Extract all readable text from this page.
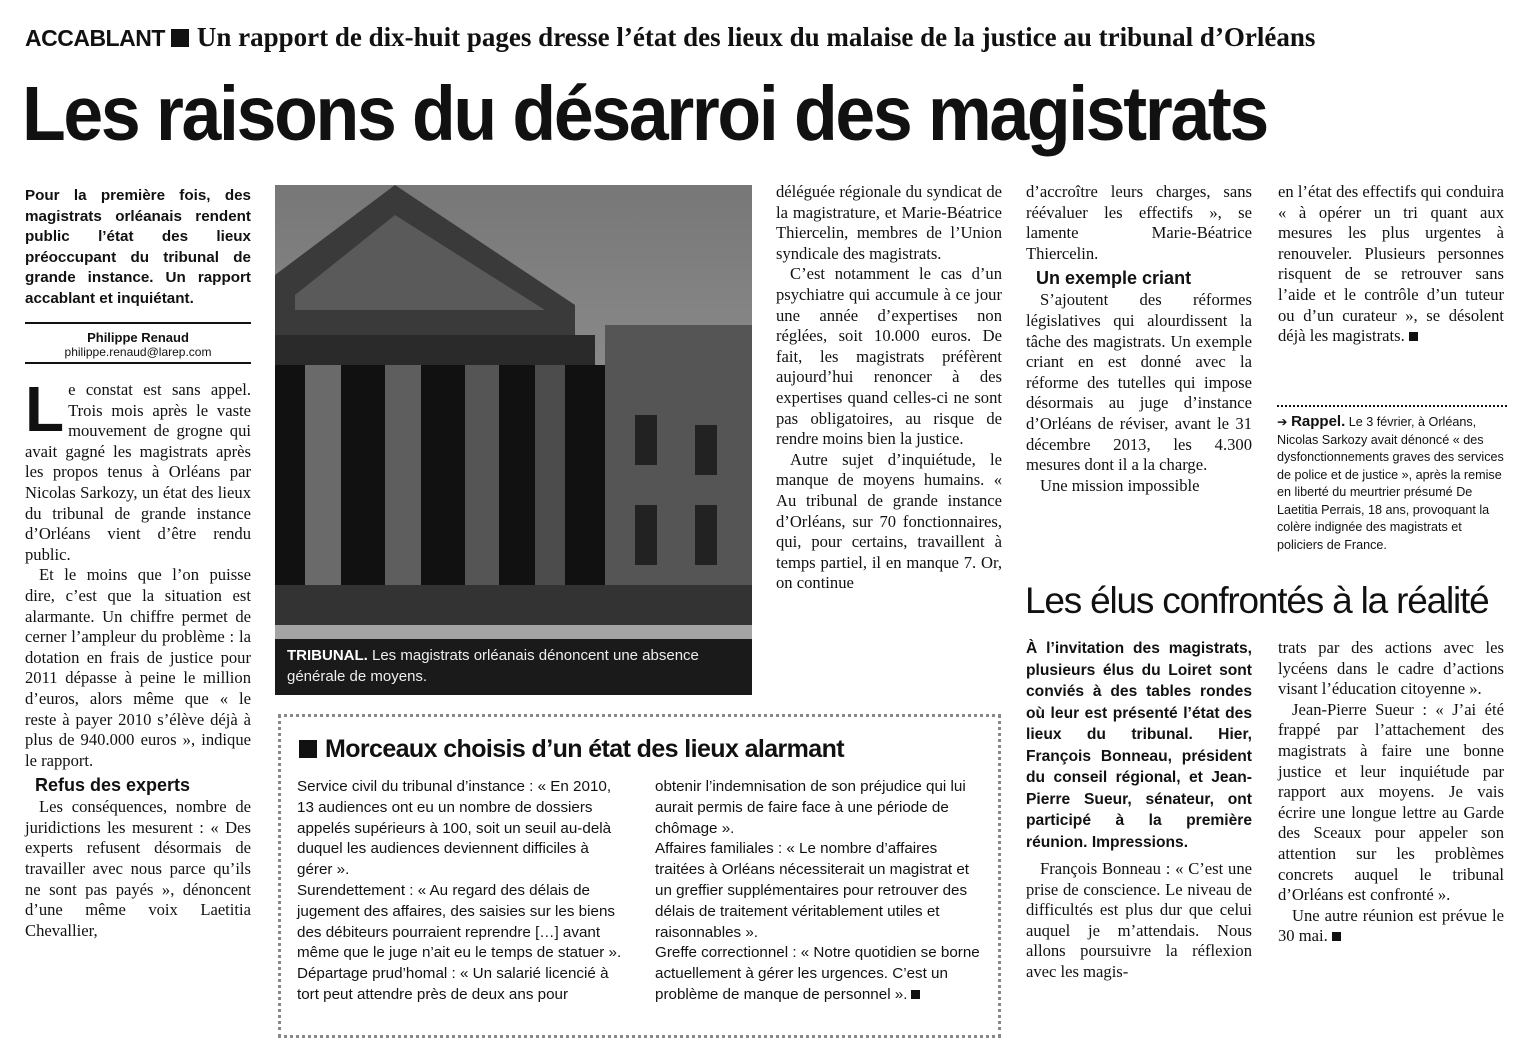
ACCABLANT Un rapport de dix-huit pages dresse l’état des lieux du malaise de la justice au tribunal d’Orléans
Les raisons du désarroi des magistrats
Pour la première fois, des magistrats orléanais rendent public l’état des lieux préoccupant du tribunal de grande instance. Un rapport accablant et inquiétant.
Philippe Renaud
philippe.renaud@larep.com

Le constat est sans appel. Trois mois après le vaste mouvement de grogne qui avait gagné les magistrats après les propos tenus à Orléans par Nicolas Sarkozy, un état des lieux du tribunal de grande instance d’Orléans vient d’être rendu public.

Et le moins que l’on puisse dire, c’est que la situation est alarmante. Un chiffre permet de cerner l’ampleur du problème : la dotation en frais de justice pour 2011 dépasse à peine le million d’euros, alors même que « le reste à payer 2010 s’élève déjà à plus de 940.000 euros », indique le rapport.

Refus des experts

Les conséquences, nombre de juridictions les mesurent : « Des experts refusent désormais de travailler avec nous parce qu’ils ne sont pas payés », dénoncent d’une même voix Laetitia Chevallier,

TRIBUNAL. Les magistrats orléanais dénoncent une absence générale de moyens.

déléguée régionale du syndicat de la magistrature, et Marie-Béatrice Thiercelin, membres de l’Union syndicale des magistrats.

C’est notamment le cas d’un psychiatre qui accumule à ce jour une année d’expertises non réglées, soit 10.000 euros. De fait, les magistrats préfèrent aujourd’hui renoncer à des expertises quand celles-ci ne sont pas obligatoires, au risque de rendre moins bien la justice.

Autre sujet d’inquiétude, le manque de moyens humains. « Au tribunal de grande instance d’Orléans, sur 70 fonctionnaires, qui, pour certains, travaillent à temps partiel, il en manque 7. Or, on continue

d’accroître leurs charges, sans réévaluer les effectifs », se lamente Marie-Béatrice Thiercelin.

Un exemple criant

S’ajoutent des réformes législatives qui alourdissent la tâche des magistrats. Un exemple criant en est donné avec la réforme des tutelles qui impose désormais au juge d’instance d’Orléans de réviser, avant le 31 décembre 2013, les 4.300 mesures dont il a la charge.

Une mission impossible

en l’état des effectifs qui conduira « à opérer un tri quant aux mesures les plus urgentes à renouveler. Plusieurs personnes risquent de se retrouver sans l’aide et le contrôle d’un tuteur ou d’un curateur », se désolent déjà les magistrats.

➔ Rappel. Le 3 février, à Orléans, Nicolas Sarkozy avait dénoncé « des dysfonctionnements graves des services de police et de justice », après la remise en liberté du meurtrier présumé De Laetitia Perrais, 18 ans, provoquant la colère indignée des magistrats et policiers de France.
Morceaux choisis d’un état des lieux alarmant

Service civil du tribunal d’instance : « En 2010, 13 audiences ont eu un nombre de dossiers appelés supérieurs à 100, soit un seuil au-delà duquel les audiences deviennent difficiles à gérer ».

Surendettement : « Au regard des délais de jugement des affaires, des saisies sur les biens des débiteurs pourraient reprendre […] avant même que le juge n’ait eu le temps de statuer ».

Départage prud’homal : « Un salarié licencié à tort peut attendre près de deux ans pour

obtenir l’indemnisation de son préjudice qui lui aurait permis de faire face à une période de chômage ».

Affaires familiales : « Le nombre d’affaires traitées à Orléans nécessiterait un magistrat et un greffier supplémentaires pour retrouver des délais de traitement véritablement utiles et raisonnables ».

Greffe correctionnel : « Notre quotidien se borne actuellement à gérer les urgences. C’est un problème de manque de personnel ».

Les élus confrontés à la réalité
À l’invitation des magistrats, plusieurs élus du Loiret sont conviés à des tables rondes où leur est présenté l’état des lieux du tribunal. Hier, François Bonneau, président du conseil régional, et Jean-Pierre Sueur, sénateur, ont participé à la première réunion. Impressions.

François Bonneau : « C’est une prise de conscience. Le niveau de difficultés est plus dur que celui auquel je m’attendais. Nous allons poursuivre la réflexion avec les magis-

trats par des actions avec les lycéens dans le cadre d’actions visant l’éducation citoyenne ».

Jean-Pierre Sueur : « J’ai été frappé par l’attachement des magistrats à faire une bonne justice et leur inquiétude par rapport aux moyens. Je vais écrire une longue lettre au Garde des Sceaux pour appeler son attention sur les problèmes concrets auquel le tribunal d’Orléans est confronté ».

Une autre réunion est prévue le 30 mai.
